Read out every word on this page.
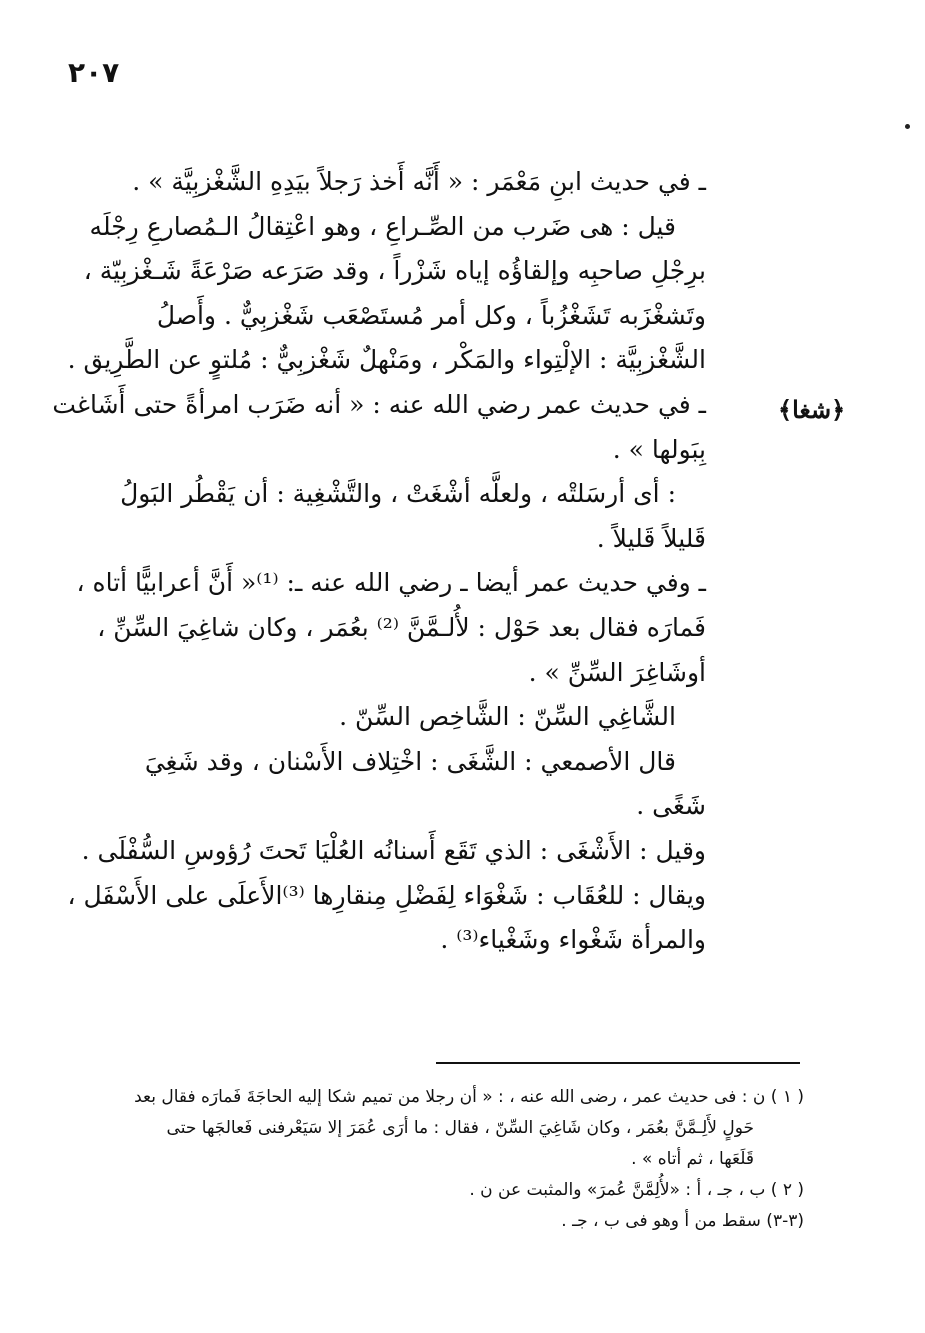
٢٠٧
﴿شغا﴾
ـ في حديث ابنِ مَعْمَر : « أَنَّه أَخذ رَجلاً بيَدِهِ الشَّغْزبِيَّة » .
قيل : هى ضَرب من الصِّـراعِ ، وهو اعْتِقالُ الـمُصارعِ رِجْلَه
برِجْلِ صاحبِه وإلقاؤُه إياه شَزْراً ، وقد صَرَعه صَرْعَةً شَـغْزبِيّة ،
وتَشغْزَبه تَشَغْزُباً ، وكل أمر مُستَصْعَب شَغْزبِيٌّ . وأَصلُ
الشَّغْزبِيَّة : الإلْتِواء والمَكْر ، ومَنْهلٌ شَغْزبِيٌّ : مُلتوٍ عن الطَّرِيق .
ـ في حديث عمر رضي الله عنه : « أنه ضَرَب امرأةً حتى أَشَاغت
بِبَولها » .
: أى أرسَلتْه ، ولعلَّه أشْغَتْ ، والتَّشْغِية : أن يَقْطُر البَولُ
قَليلاً قَليلاً .
ـ وفي حديث عمر أيضا ـ رضي الله عنه ـ: ⁽¹⁾« أَنَّ أعرابيًّا أتاه ،
فَمارَه فقال بعد حَوْل : لأُلـمَّنَّ ⁽²⁾ بعُمَر ، وكان شاغِيَ السِّنِّ ،
أوشَاغِرَ السِّنِّ » .
الشَّاغِي السِّنّ : الشَّاخِص السِّنّ .
قال الأصمعي : الشَّغَى : اخْتِلاف الأَسْنان ، وقد شَغِيَ
شَغًى .
وقيل : الأَشْغَى : الذي تَقَع أَسنانُه العُلْيَا تَحتَ رُؤوسِ السُّفْلَى .
ويقال : للعُقَاب : شَغْوَاء لِفَضْلِ مِنقارِها ⁽³⁾الأَعلَى على الأَسْفَل ،
والمرأة شَغْواء وشَغْياء⁽³⁾ .
( ١ ) ن : فى حديث عمر ، رضى الله عنه ، : « أن رجلا من تميم شكا إليه الحاجَةَ فَمارَه فقال بعد
حَولٍ لأَلِـمَّنَّ بعُمَر ، وكان شَاغِيَ السِّنّ ، فقال : ما أرَى عُمَرَ إلا سَيَعْرفنى فَعالجَها حتى
قَلَعَها ، ثم أتاه » .
( ٢ ) ب ، جـ ، أ : «لأُلِمَّنَّ عُمرَ» والمثبت عن ن .
(٣-٣) سقط من أ وهو فى ب ، جـ .
